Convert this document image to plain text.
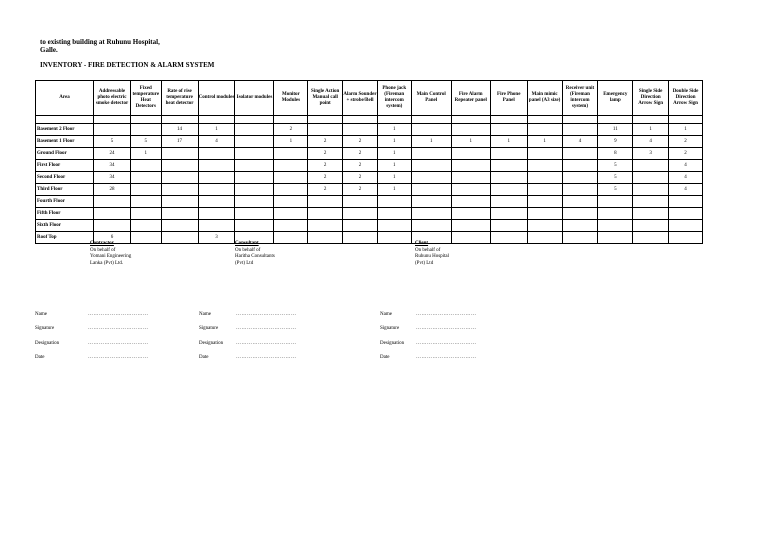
to existing building at Ruhunu Hospital,
Galle.
INVENTORY - FIRE DETECTION & ALARM SYSTEM
Area	Addressable photo electric smoke detector	Fixed temperature Heat Detectors	Rate of rise temperature heat detector	Control modules	Isolator modules	Monitor Modules	Single Action Manual call point	Alarm Sounder + strobe/Bell	Phone jack (Fireman intercom system)	Main Control Panel	Fire Alarm Repeater panel	Fire Phone Panel	Main mimic panel (A3 size)	Receiver unit (Fireman intercom system)	Emergency lamp	Single Side Direction Arrow Sign	Double Side Direction Arrow Sign

Basement 2 Floor			14	1		2			1						11	1	1
Basement 1 Floor	5	5	17	4		1	2	2	1	1	1	1	1	4	9	4	2
Ground Floor	24	1					2	2	1						8	3	2
First Floor	34						2	2	1						5		4
Second Floor	34						2	2	1						5		4
Third Floor	28						2	2	1						5		4
Fourth Floor																	
Fifth Floor																	
Sixth Floor																	
Roof Top	6			3													
Contractor
On behalf of
Yomani Engineering
Lanka (Pvt) Ltd.
Name	……………………………
Signature	……………………………
Designation	……………………………
Date	……………………………
Consultant
On behalf of
Haritha Consultants
(Pvt) Ltd
Name	……………………………
Signature	……………………………
Designation	……………………………
Date	……………………………
Client
On behalf of
Ruhunu Hospital
(Pvt) Ltd
Name	……………………………
Signature	……………………………
Designation ……………………………
Date	……………………………
